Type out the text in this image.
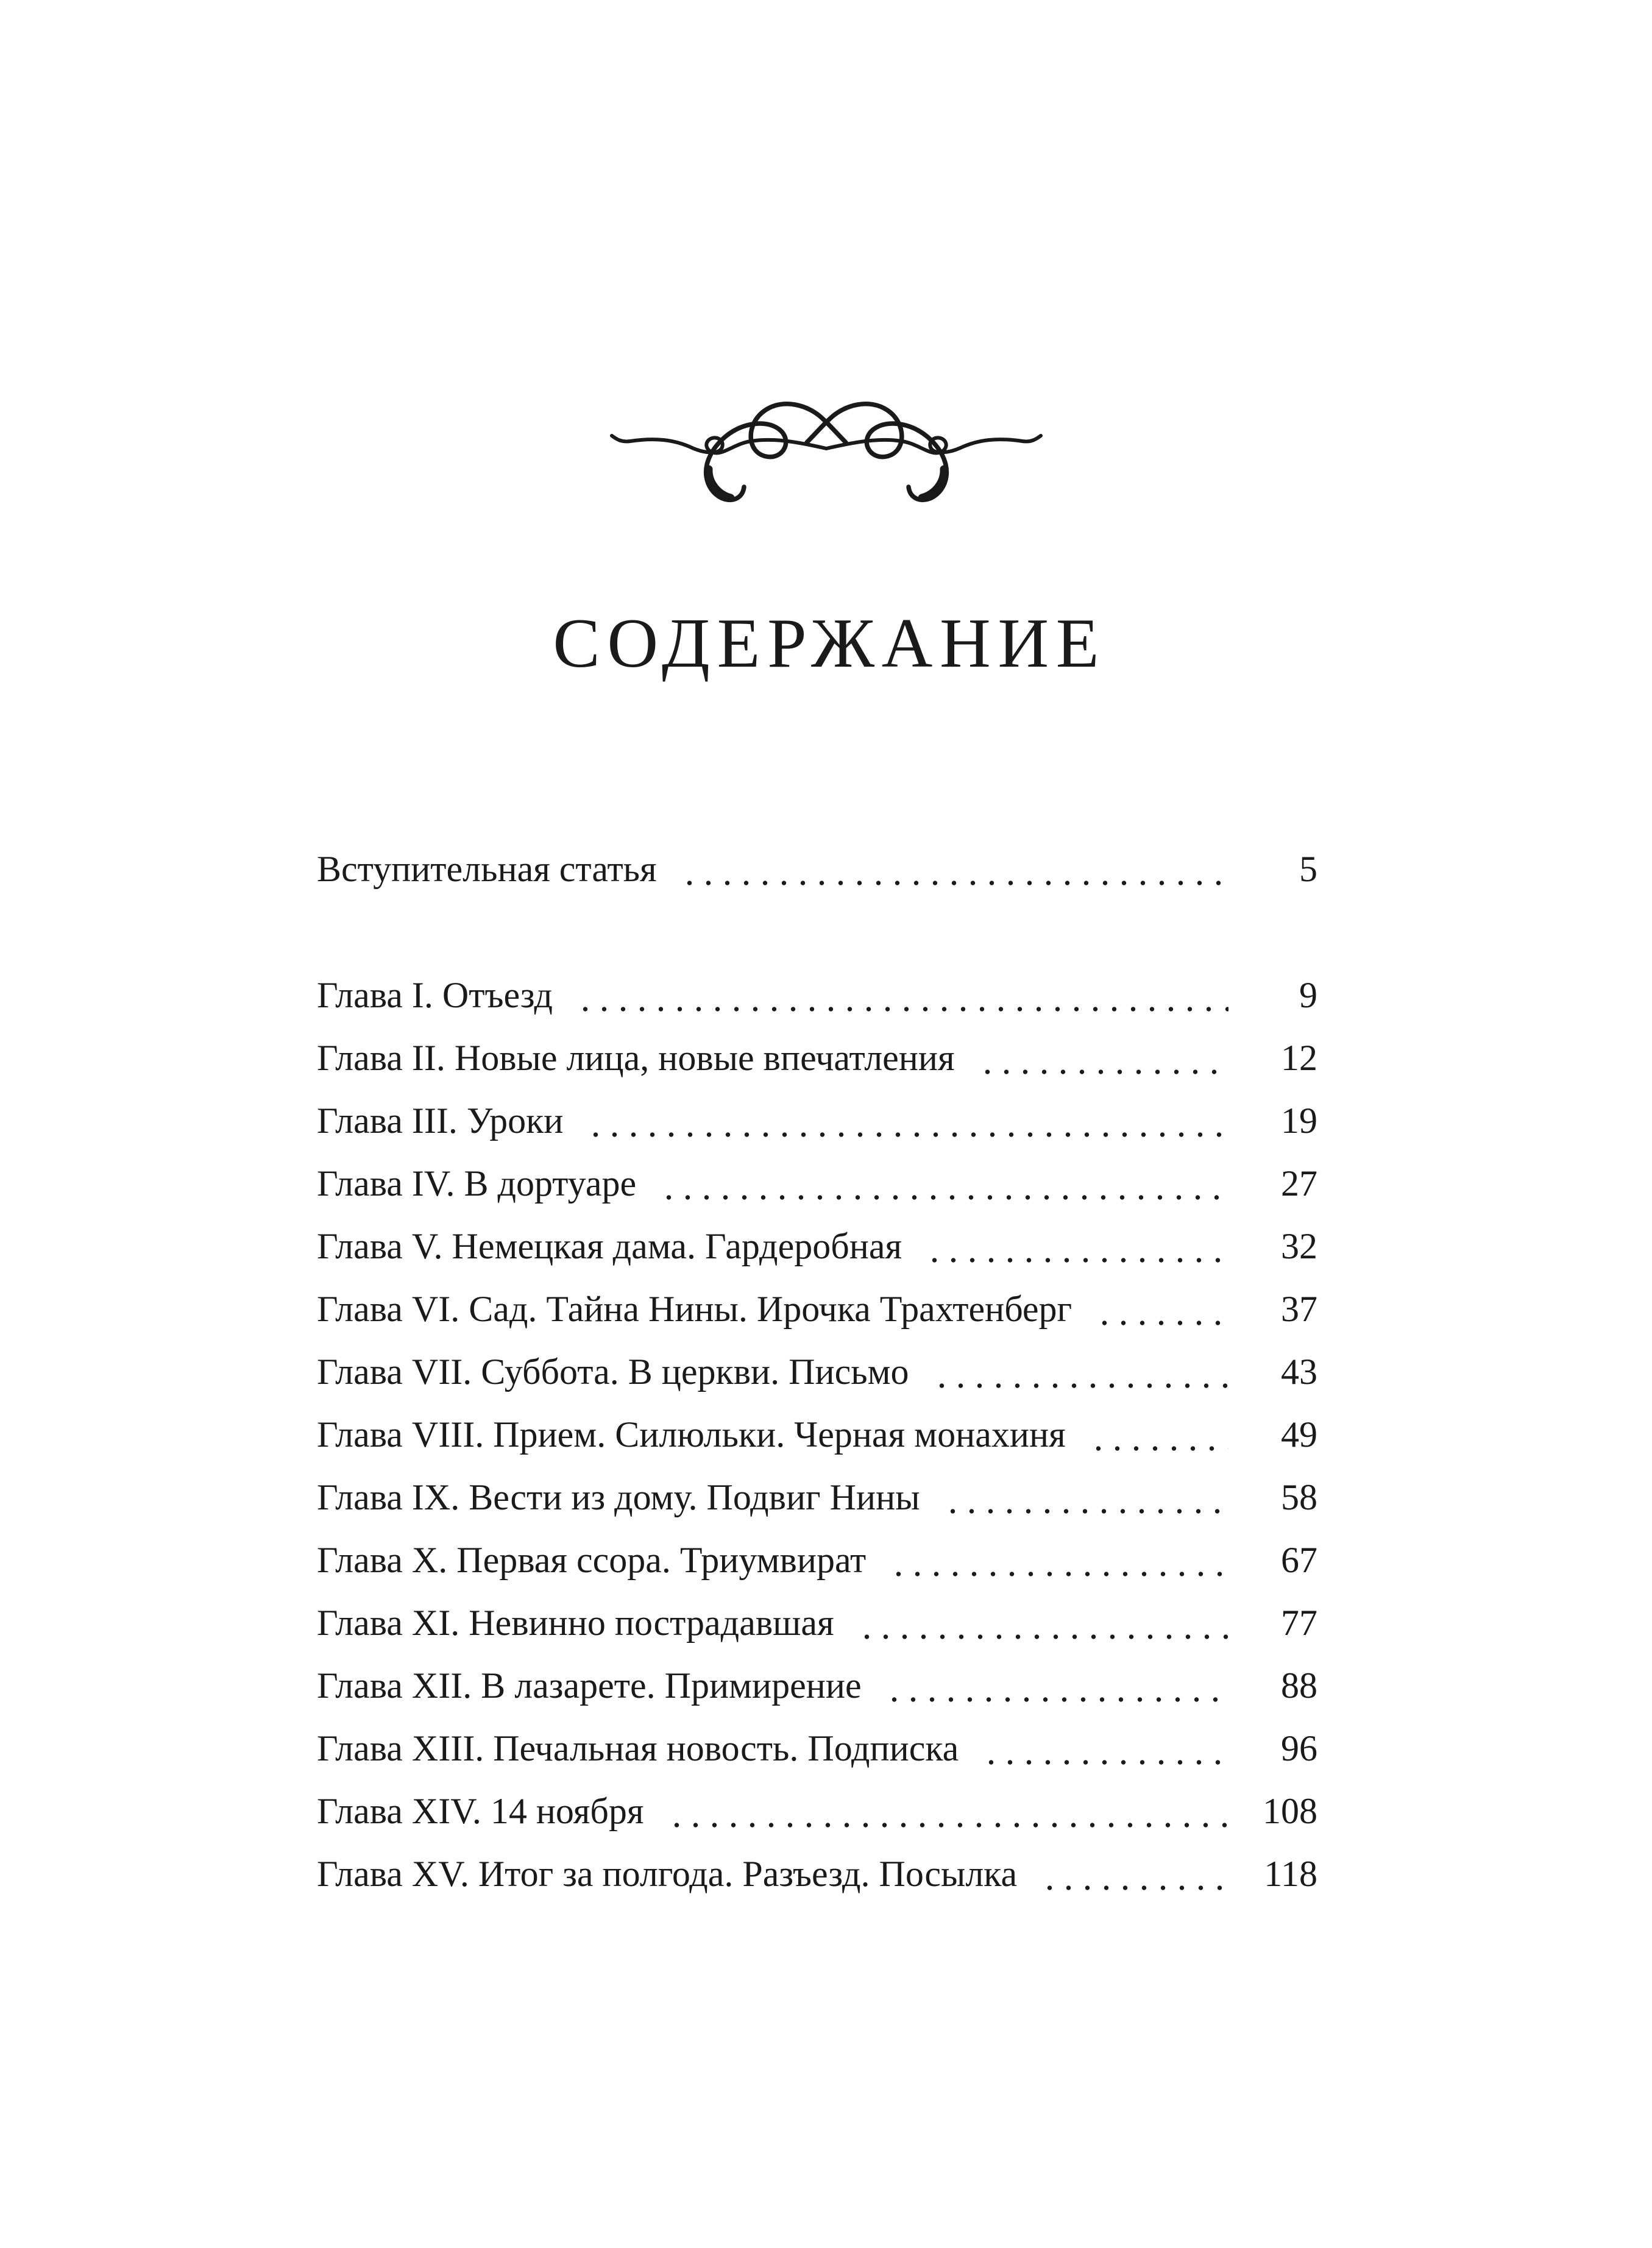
СОДЕРЖАНИЕ
Вступительная статья	5
Глава I. Отъезд	9
Глава II. Новые лица, новые впечатления	12
Глава III. Уроки	19
Глава IV. В дортуаре	27
Глава V. Немецкая дама. Гардеробная	32
Глава VI. Сад. Тайна Нины. Ирочка Трахтенберг	37
Глава VII. Суббота. В церкви. Письмо	43
Глава VIII. Прием. Силюльки. Черная монахиня	49
Глава IX. Вести из дому. Подвиг Нины	58
Глава X. Первая ссора. Триумвират	67
Глава XI. Невинно пострадавшая	77
Глава XII. В лазарете. Примирение	88
Глава XIII. Печальная новость. Подписка	96
Глава XIV. 14 ноября	108
Глава XV. Итог за полгода. Разъезд. Посылка	118
